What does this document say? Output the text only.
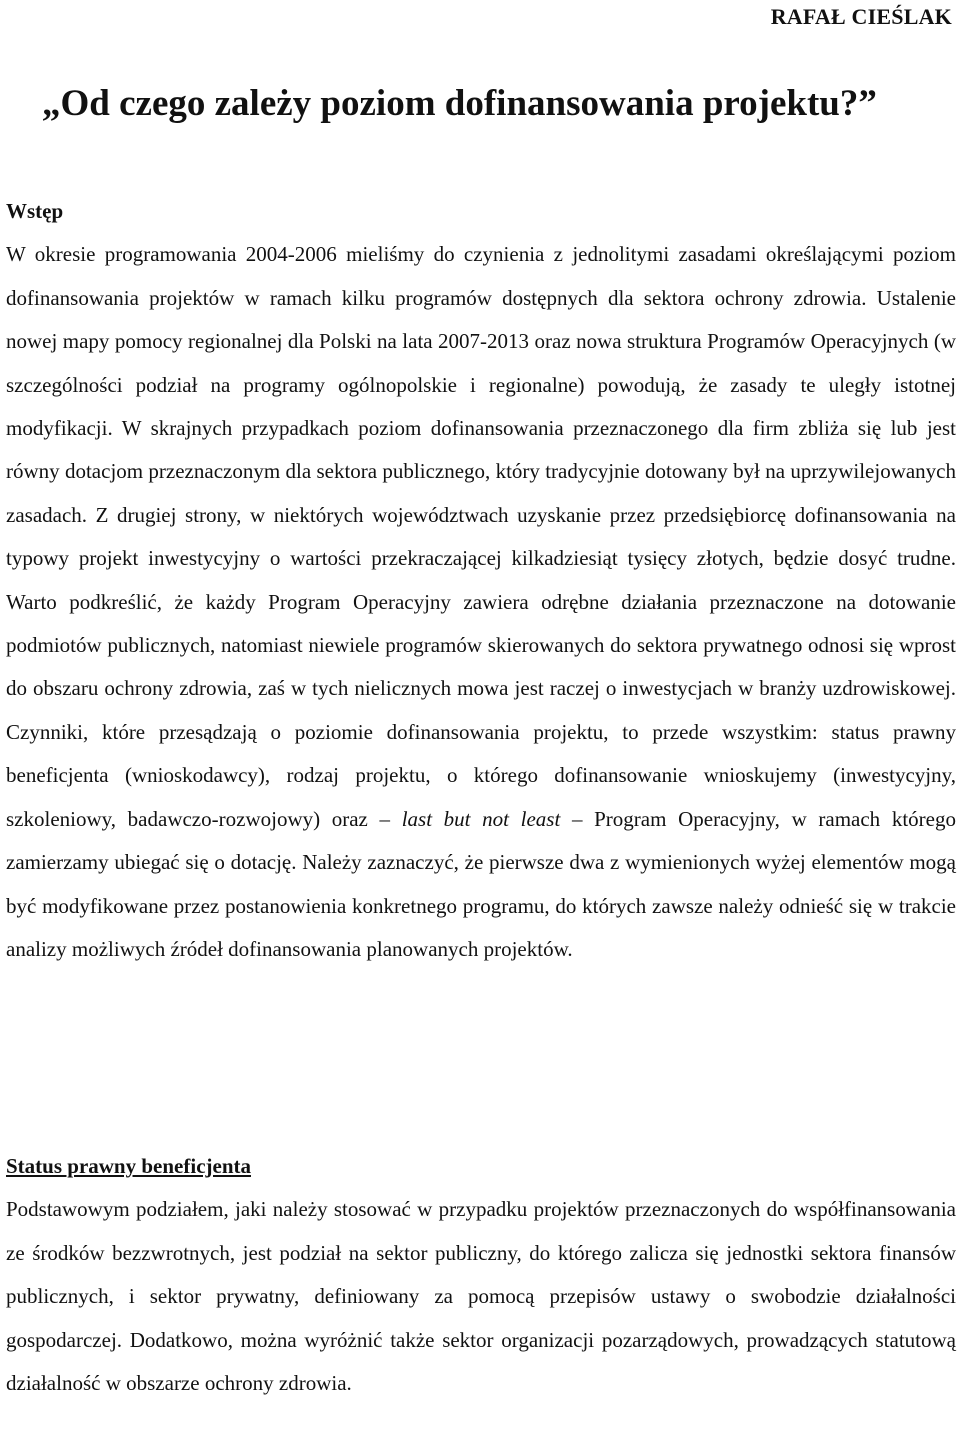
RAFAŁ CIEŚLAK
„Od czego zależy poziom dofinansowania projektu?”
Wstęp

W okresie programowania 2004-2006 mieliśmy do czynienia z jednolitymi zasadami określającymi poziom dofinansowania projektów w ramach kilku programów dostępnych dla sektora ochrony zdrowia. Ustalenie nowej mapy pomocy regionalnej dla Polski na lata 2007-2013 oraz nowa struktura Programów Operacyjnych (w szczególności podział na programy ogólnopolskie i regionalne) powodują, że zasady te uległy istotnej modyfikacji. W skrajnych przypadkach poziom dofinansowania przeznaczonego dla firm zbliża się lub jest równy dotacjom przeznaczonym dla sektora publicznego, który tradycyjnie dotowany był na uprzywilejowanych zasadach. Z drugiej strony, w niektórych województwach uzyskanie przez przedsiębiorcę dofinansowania na typowy projekt inwestycyjny o wartości przekraczającej kilkadziesiąt tysięcy złotych, będzie dosyć trudne. Warto podkreślić, że każdy Program Operacyjny zawiera odrębne działania przeznaczone na dotowanie podmiotów publicznych, natomiast niewiele programów skierowanych do sektora prywatnego odnosi się wprost do obszaru ochrony zdrowia, zaś w tych nielicznych mowa jest raczej o inwestycjach w branży uzdrowiskowej. Czynniki, które przesądzają o poziomie dofinansowania projektu, to przede wszystkim: status prawny beneficjenta (wnioskodawcy), rodzaj projektu, o którego dofinansowanie wnioskujemy (inwestycyjny, szkoleniowy, badawczo-rozwojowy) oraz – last but not least – Program Operacyjny, w ramach którego zamierzamy ubiegać się o dotację. Należy zaznaczyć, że pierwsze dwa z wymienionych wyżej elementów mogą być modyfikowane przez postanowienia konkretnego programu, do których zawsze należy odnieść się w trakcie analizy możliwych źródeł dofinansowania planowanych projektów.

Status prawny beneficjenta

Podstawowym podziałem, jaki należy stosować w przypadku projektów przeznaczonych do współfinansowania ze środków bezzwrotnych, jest podział na sektor publiczny, do którego zalicza się jednostki sektora finansów publicznych, i sektor prywatny, definiowany za pomocą przepisów ustawy o swobodzie działalności gospodarczej. Dodatkowo, można wyróżnić także sektor organizacji pozarządowych, prowadzących statutową działalność w obszarze ochrony zdrowia.
